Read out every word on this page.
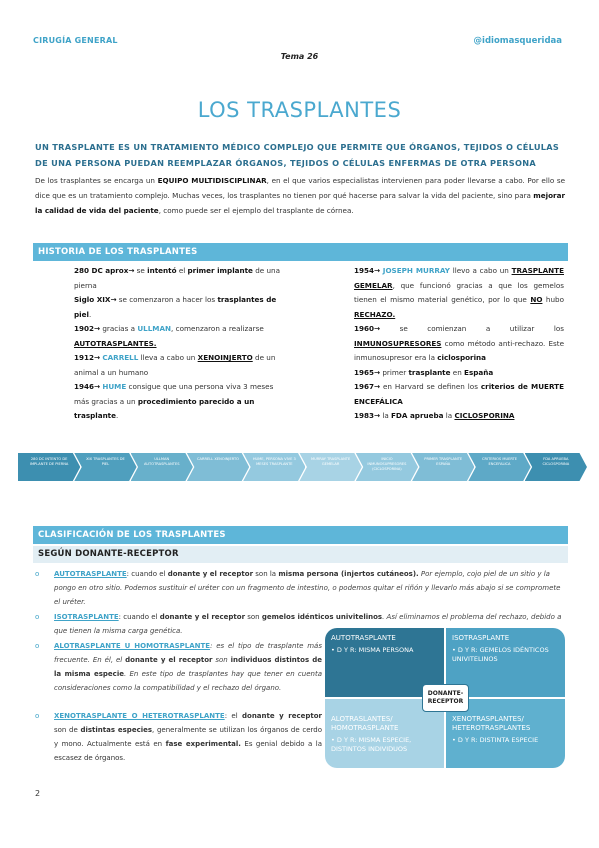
CIRUGÍA GENERAL
Tema 26
@idiomasqueridaa
LOS TRASPLANTES
UN TRASPLANTE ES UN TRATAMIENTO MÉDICO COMPLEJO QUE PERMITE QUE ÓRGANOS, TEJIDOS O CÉLULAS DE UNA PERSONA PUEDAN REEMPLAZAR ÓRGANOS, TEJIDOS O CÉLULAS ENFERMAS DE OTRA PERSONA
De los trasplantes se encarga un EQUIPO MULTIDISCIPLINAR, en el que varios especialistas intervienen para poder llevarse a cabo. Por ello se dice que es un tratamiento complejo. Muchas veces, los trasplantes no tienen por qué hacerse para salvar la vida del paciente, sino para mejorar la calidad de vida del paciente, como puede ser el ejemplo del trasplante de córnea.
HISTORIA DE LOS TRASPLANTES

280 DC aprox→ se intentó el primer implante de una pierna

Siglo XIX→ se comenzaron a hacer los trasplantes de piel.

1902→ gracias a ULLMAN, comenzaron a realizarse AUTOTRASPLANTES.

1912→ CARRELL lleva a cabo un XENOINJERTO de un animal a un humano

1946→ HUME consigue que una persona viva 3 meses más gracias a un procedimiento parecido a un trasplante.

1954→ JOSEPH MURRAY llevo a cabo un TRASPLANTE GEMELAR, que funcionó gracias a que los gemelos tienen el mismo material genético, por lo que NO hubo RECHAZO.

1960→ se comienzan a utilizar los INMUNOSUPRESORES como método anti-rechazo. Este inmunosupresor era la ciclosporina

1965→ primer trasplante en España

1967→ en Harvard se definen los criterios de MUERTE ENCEFÁLICA

1983→ la FDA aprueba la CICLOSPORINA

280 DC INTENTO DE IMPLANTE DE PIERNA
XIX TRASPLANTES DE PIEL
ULLMAN AUTOTRASPLANTES
CARRELL XENOINJERTO	HUME, PERSONA VIVE 3 MESES TRASPLANTE
MURRAY TRASPLANTE GEMELAR
INICIO INMUNOSUPRESORES (CICLOSPORINA)
PRIMER TRASPLANTE ESPAÑA
CRITERIOS MUERTE ENCEFALICA
FDA APRUEBA CICLOSPORINA
CLASIFICACIÓN DE LOS TRASPLANTES
SEGÚN DONANTE-RECEPTOR
o AUTOTRASPLANTE: cuando el donante y el receptor son la misma persona (injertos cutáneos). Por ejemplo, cojo piel de un sitio y la pongo en otro sitio. Podemos sustituir el uréter con un fragmento de intestino, o podemos quitar el riñón y llevarlo más abajo si se compromete el uréter.
o ISOTRASPLANTE: cuando el donante y el receptor son gemelos idénticos univitelinos. Así eliminamos el problema del rechazo, debido a que tienen la misma carga genética.
o ALOTRASPLANTE U HOMOTRASPLANTE: es el tipo de trasplante más frecuente. En él, el donante y el receptor son individuos distintos de la misma especie. En este tipo de trasplantes hay que tener en cuenta consideraciones como la compatibilidad y el rechazo del órgano.
o XENOTRASPLANTE O HETEROTRASPLANTE: el donante y receptor son de distintas especies, generalmente se utilizan los órganos de cerdo y mono. Actualmente está en fase experimental. Es genial debido a la escasez de órganos.
AUTOTRASPLANTE
• D Y R: MISMA PERSONA
ISOTRASPLANTE
• D Y R: GEMELOS IDÉNTICOS UNIVITELINOS
ALOTRASLANTES/ HOMOTRASPLANTE
• D Y R: MISMA ESPECIE, DISTINTOS INDIVIDUOS
XENOTRASPLANTES/ HETEROTRASPLANTES
• D Y R: DISTINTA ESPECIE
DONANTE-RECEPTOR
2
